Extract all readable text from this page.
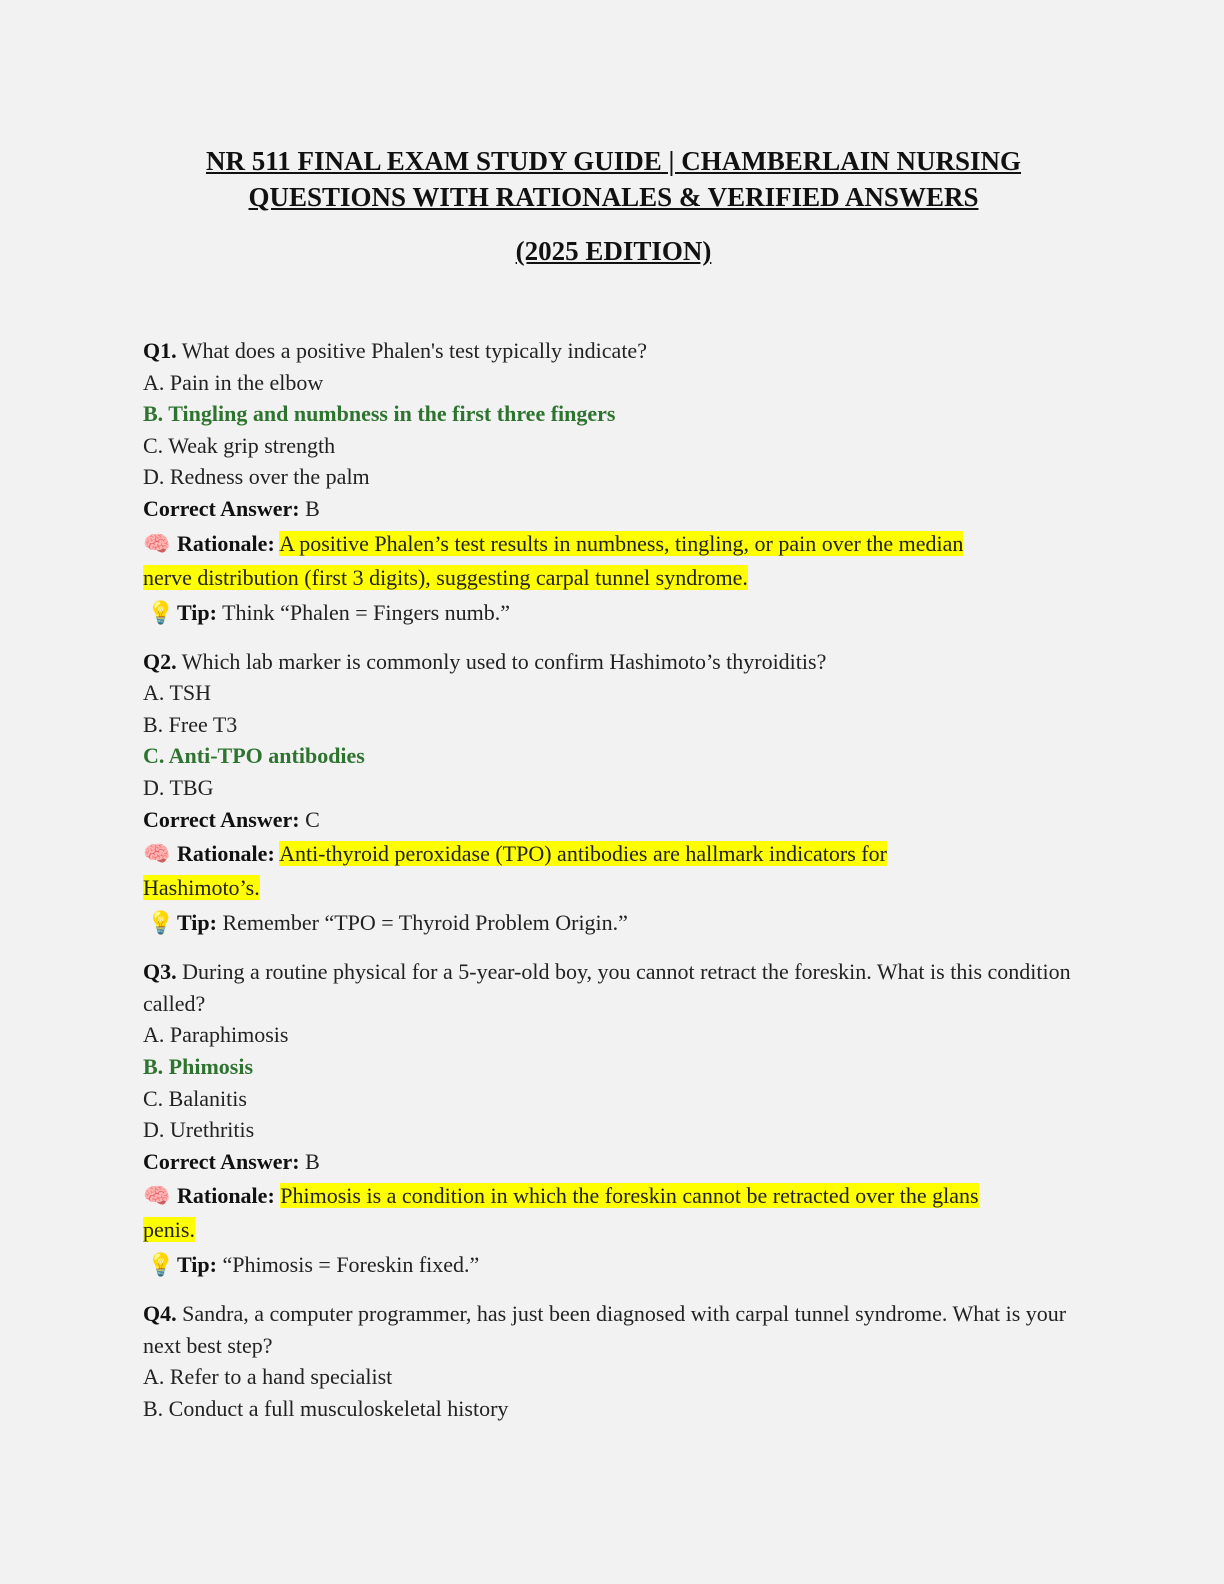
NR 511 FINAL EXAM STUDY GUIDE | CHAMBERLAIN NURSING
QUESTIONS WITH RATIONALES & VERIFIED ANSWERS
(2025 EDITION)
Q1. What does a positive Phalen's test typically indicate?
A. Pain in the elbow
B. Tingling and numbness in the first three fingers
C. Weak grip strength
D. Redness over the palm
Correct Answer: B
🧠 Rationale: A positive Phalen’s test results in numbness, tingling, or pain over the median
nerve distribution (first 3 digits), suggesting carpal tunnel syndrome.
💡 Tip: Think “Phalen = Fingers numb.”
Q2. Which lab marker is commonly used to confirm Hashimoto’s thyroiditis?
A. TSH
B. Free T3
C. Anti-TPO antibodies
D. TBG
Correct Answer: C
🧠 Rationale: Anti-thyroid peroxidase (TPO) antibodies are hallmark indicators for
Hashimoto’s.
💡 Tip: Remember “TPO = Thyroid Problem Origin.”
Q3. During a routine physical for a 5-year-old boy, you cannot retract the foreskin. What is this condition called?
A. Paraphimosis
B. Phimosis
C. Balanitis
D. Urethritis
Correct Answer: B
🧠 Rationale: Phimosis is a condition in which the foreskin cannot be retracted over the glans
penis.
💡 Tip: “Phimosis = Foreskin fixed.”
Q4. Sandra, a computer programmer, has just been diagnosed with carpal tunnel syndrome. What is your next best step?
A. Refer to a hand specialist
B. Conduct a full musculoskeletal history
